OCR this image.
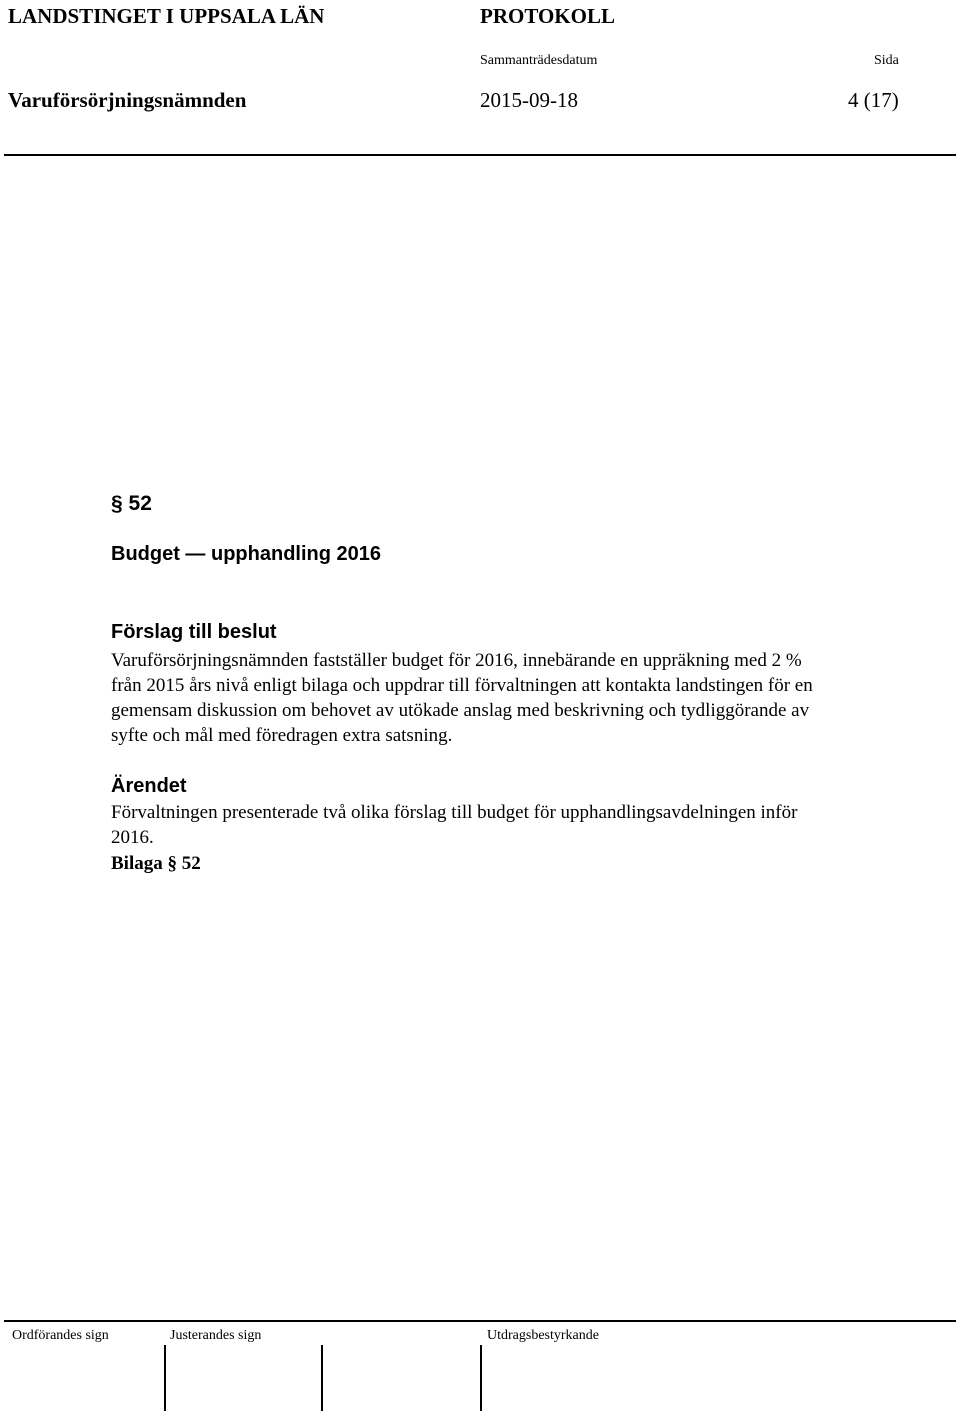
LANDSTINGET I UPPSALA LÄN	PROTOKOLL
Sammanträdesdatum	Sida
Varuförsörjningsnämnden	2015-09-18	4 (17)
§ 52
Budget — upphandling 2016
Förslag till beslut
Varuförsörjningsnämnden fastställer budget för 2016, innebärande en uppräkning med 2 %
från 2015 års nivå enligt bilaga och uppdrar till förvaltningen att kontakta landstingen för en
gemensam diskussion om behovet av utökade anslag med beskrivning och tydliggörande av
syfte och mål med föredragen extra satsning.
Ärendet
Förvaltningen presenterade två olika förslag till budget för upphandlingsavdelningen inför
2016.
Bilaga § 52
Ordförandes sign	Justerandes sign	Utdragsbestyrkande
